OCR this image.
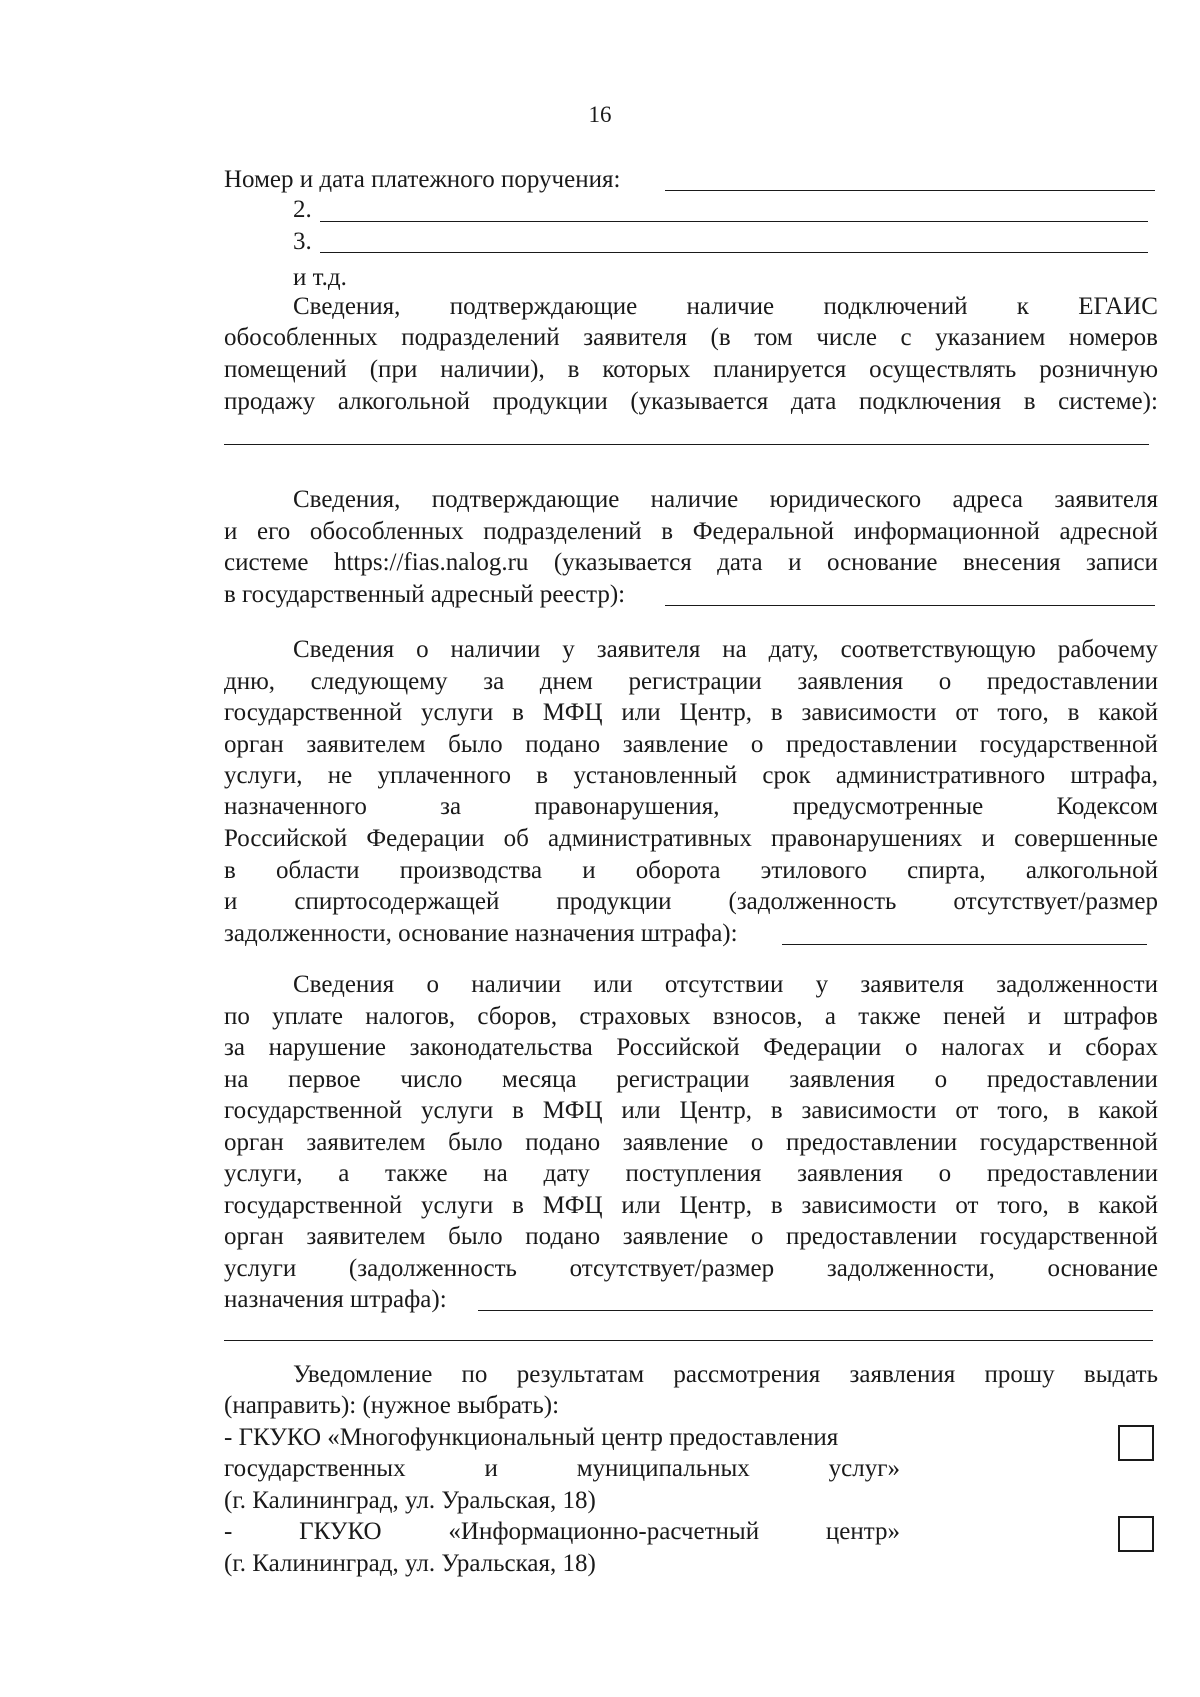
16
Номер и дата платежного поручения:
2.
3.
и т.д.
Сведения, подтверждающие наличие подключений к ЕГАИС
обособленных подразделений заявителя (в том числе с указанием номеров
помещений (при наличии), в которых планируется осуществлять розничную
продажу алкогольной продукции (указывается дата подключения в системе):
Сведения, подтверждающие наличие юридического адреса заявителя
и его обособленных подразделений в Федеральной информационной адресной
системе https://fias.nalog.ru (указывается дата и основание внесения записи
в государственный адресный реестр):
Сведения о наличии у заявителя на дату, соответствующую рабочему
дню, следующему за днем регистрации заявления о предоставлении
государственной услуги в МФЦ или Центр, в зависимости от того, в какой
орган заявителем было подано заявление о предоставлении государственной
услуги, не уплаченного в установленный срок административного штрафа,
назначенного	за	правонарушения,	предусмотренные	Кодексом
Российской Федерации об административных правонарушениях и совершенные
в области производства и оборота этилового спирта, алкогольной
и спиртосодержащей продукции (задолженность отсутствует/размер
задолженности, основание назначения штрафа):
Сведения о наличии или отсутствии у заявителя задолженности
по уплате налогов, сборов, страховых взносов, а также пеней и штрафов
за нарушение законодательства Российской Федерации о налогах и сборах
на первое число месяца регистрации заявления о предоставлении
государственной услуги в МФЦ или Центр, в зависимости от того, в какой
орган заявителем было подано заявление о предоставлении государственной
услуги, а также на дату поступления заявления о предоставлении
государственной услуги в МФЦ или Центр, в зависимости от того, в какой
орган заявителем было подано заявление о предоставлении государственной
услуги (задолженность отсутствует/размер задолженности, основание
назначения штрафа):
Уведомление по результатам рассмотрения заявления прошу выдать
(направить): (нужное выбрать):
- ГКУКО «Многофункциональный центр предоставления
государственных	и	муниципальных	услуг»
(г. Калининград, ул. Уральская, 18)
-	ГКУКО	«Информационно-расчетный	центр»
(г. Калининград, ул. Уральская, 18)
